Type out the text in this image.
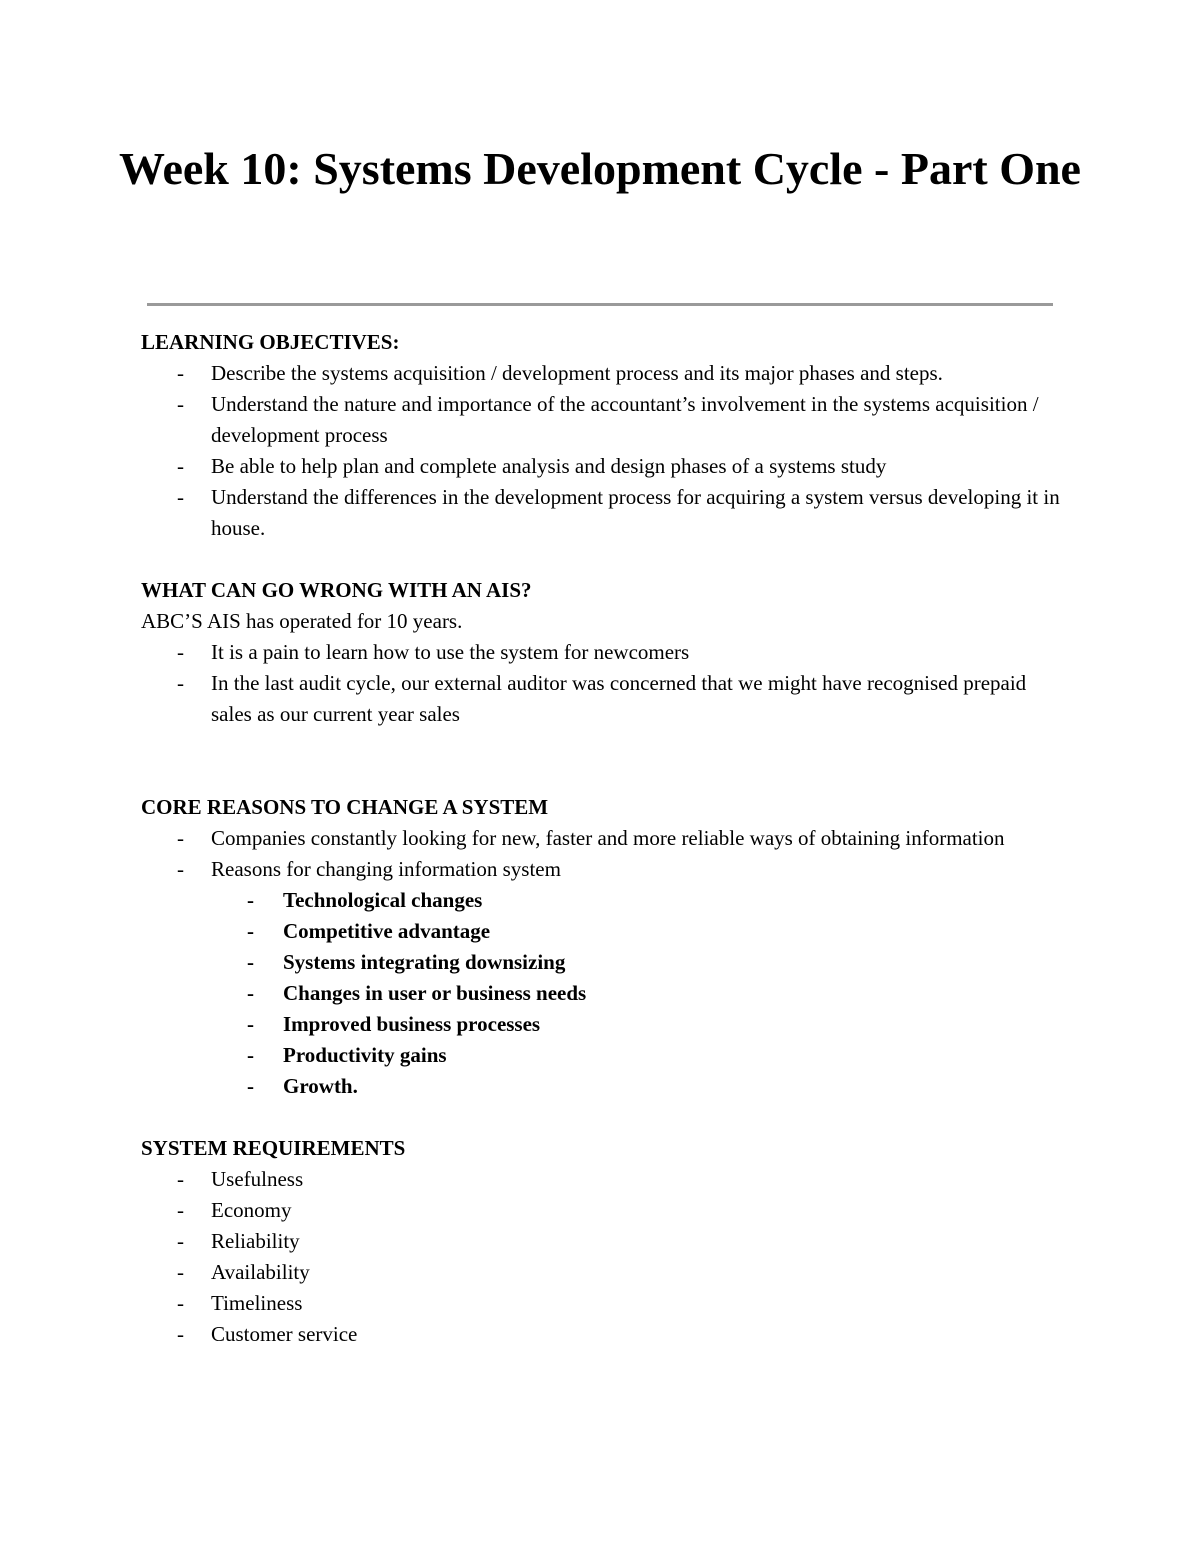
Week 10: Systems Development Cycle - Part One

LEARNING OBJECTIVES:

- Describe the systems acquisition / development process and its major phases and steps.
- Understand the nature and importance of the accountant’s involvement in the systems acquisition / development process
- Be able to help plan and complete analysis and design phases of a systems study
- Understand the differences in the development process for acquiring a system versus developing it in house.

WHAT CAN GO WRONG WITH AN AIS?

ABC’S AIS has operated for 10 years.

- It is a pain to learn how to use the system for newcomers
- In the last audit cycle, our external auditor was concerned that we might have recognised prepaid sales as our current year sales

CORE REASONS TO CHANGE A SYSTEM

- Companies constantly looking for new, faster and more reliable ways of obtaining information
- Reasons for changing information system
- Technological changes
- Competitive advantage
- Systems integrating downsizing
- Changes in user or business needs
- Improved business processes
- Productivity gains
- Growth.

SYSTEM REQUIREMENTS

- Usefulness
- Economy
- Reliability
- Availability
- Timeliness
- Customer service
